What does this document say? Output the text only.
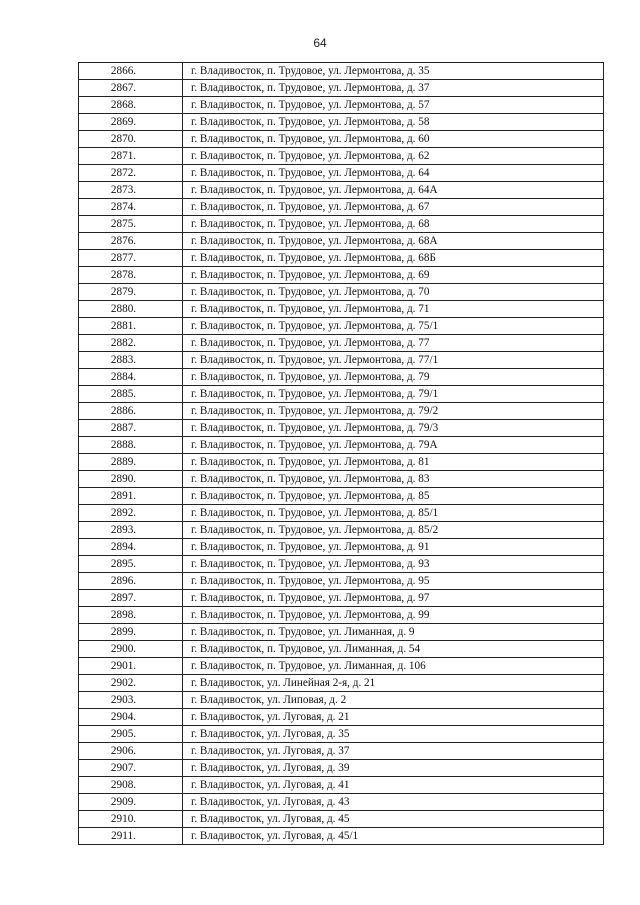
64
2866.	г. Владивосток, п. Трудовое, ул. Лермонтова, д. 35
2867.	г. Владивосток, п. Трудовое, ул. Лермонтова, д. 37
2868.	г. Владивосток, п. Трудовое, ул. Лермонтова, д. 57
2869.	г. Владивосток, п. Трудовое, ул. Лермонтова, д. 58
2870.	г. Владивосток, п. Трудовое, ул. Лермонтова, д. 60
2871.	г. Владивосток, п. Трудовое, ул. Лермонтова, д. 62
2872.	г. Владивосток, п. Трудовое, ул. Лермонтова, д. 64
2873.	г. Владивосток, п. Трудовое, ул. Лермонтова, д. 64А
2874.	г. Владивосток, п. Трудовое, ул. Лермонтова, д. 67
2875.	г. Владивосток, п. Трудовое, ул. Лермонтова, д. 68
2876.	г. Владивосток, п. Трудовое, ул. Лермонтова, д. 68А
2877.	г. Владивосток, п. Трудовое, ул. Лермонтова, д. 68Б
2878.	г. Владивосток, п. Трудовое, ул. Лермонтова, д. 69
2879.	г. Владивосток, п. Трудовое, ул. Лермонтова, д. 70
2880.	г. Владивосток, п. Трудовое, ул. Лермонтова, д. 71
2881.	г. Владивосток, п. Трудовое, ул. Лермонтова, д. 75/1
2882.	г. Владивосток, п. Трудовое, ул. Лермонтова, д. 77
2883.	г. Владивосток, п. Трудовое, ул. Лермонтова, д. 77/1
2884.	г. Владивосток, п. Трудовое, ул. Лермонтова, д. 79
2885.	г. Владивосток, п. Трудовое, ул. Лермонтова, д. 79/1
2886.	г. Владивосток, п. Трудовое, ул. Лермонтова, д. 79/2
2887.	г. Владивосток, п. Трудовое, ул. Лермонтова, д. 79/3
2888.	г. Владивосток, п. Трудовое, ул. Лермонтова, д. 79А
2889.	г. Владивосток, п. Трудовое, ул. Лермонтова, д. 81
2890.	г. Владивосток, п. Трудовое, ул. Лермонтова, д. 83
2891.	г. Владивосток, п. Трудовое, ул. Лермонтова, д. 85
2892.	г. Владивосток, п. Трудовое, ул. Лермонтова, д. 85/1
2893.	г. Владивосток, п. Трудовое, ул. Лермонтова, д. 85/2
2894.	г. Владивосток, п. Трудовое, ул. Лермонтова, д. 91
2895.	г. Владивосток, п. Трудовое, ул. Лермонтова, д. 93
2896.	г. Владивосток, п. Трудовое, ул. Лермонтова, д. 95
2897.	г. Владивосток, п. Трудовое, ул. Лермонтова, д. 97
2898.	г. Владивосток, п. Трудовое, ул. Лермонтова, д. 99
2899.	г. Владивосток, п. Трудовое, ул. Лиманная, д. 9
2900.	г. Владивосток, п. Трудовое, ул. Лиманная, д. 54
2901.	г. Владивосток, п. Трудовое, ул. Лиманная, д. 106
2902.	г. Владивосток, ул. Линейная 2-я, д. 21
2903.	г. Владивосток, ул. Липовая, д. 2
2904.	г. Владивосток, ул. Луговая, д. 21
2905.	г. Владивосток, ул. Луговая, д. 35
2906.	г. Владивосток, ул. Луговая, д. 37
2907.	г. Владивосток, ул. Луговая, д. 39
2908.	г. Владивосток, ул. Луговая, д. 41
2909.	г. Владивосток, ул. Луговая, д. 43
2910.	г. Владивосток, ул. Луговая, д. 45
2911.	г. Владивосток, ул. Луговая, д. 45/1
